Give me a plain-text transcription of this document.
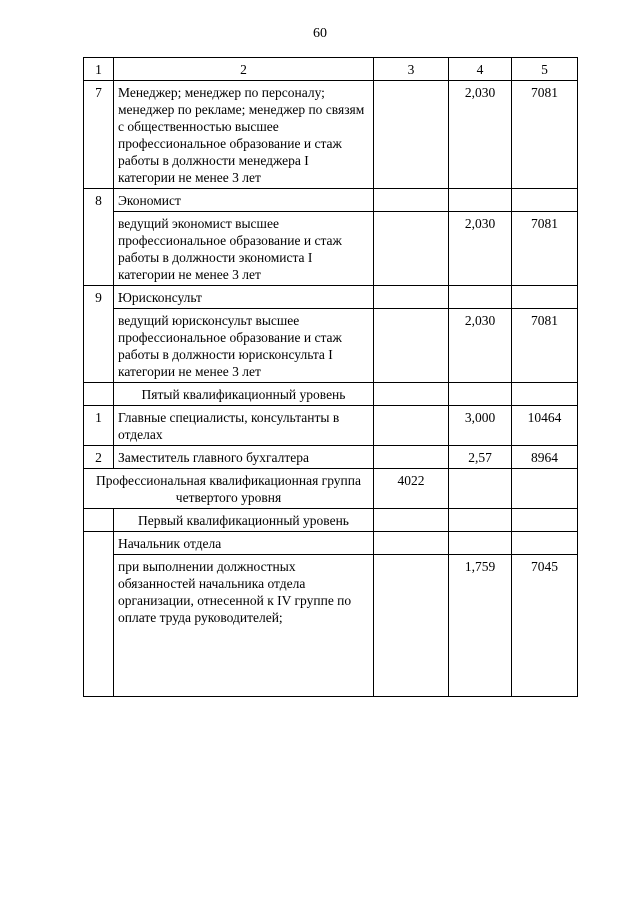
60
1	2	3	4	5
7	Менеджер; менеджер по персоналу; менеджер по рекламе; менеджер по связям с общественностью высшее профессиональное образование и стаж работы в должности менеджера I категории не менее 3 лет		2,030	7081
8	Экономист			
	ведущий экономист высшее профессиональное образование и стаж работы в должности экономиста I категории не менее 3 лет		2,030	7081
9	Юрисконсульт			
	ведущий юрисконсульт высшее профессиональное образование и стаж работы в должности юрисконсульта I категории не менее 3 лет		2,030	7081
	Пятый квалификационный уровень			
1	Главные специалисты, консультанты в отделах		3,000	10464
2	Заместитель главного бухгалтера		2,57	8964
Профессиональная квалификационная группа четвертого уровня		4022		
	Первый квалификационный уровень			
	Начальник отдела			
	при выполнении должностных обязанностей начальника отдела организации, отнесенной к IV группе по оплате труда руководителей;		1,759	7045
